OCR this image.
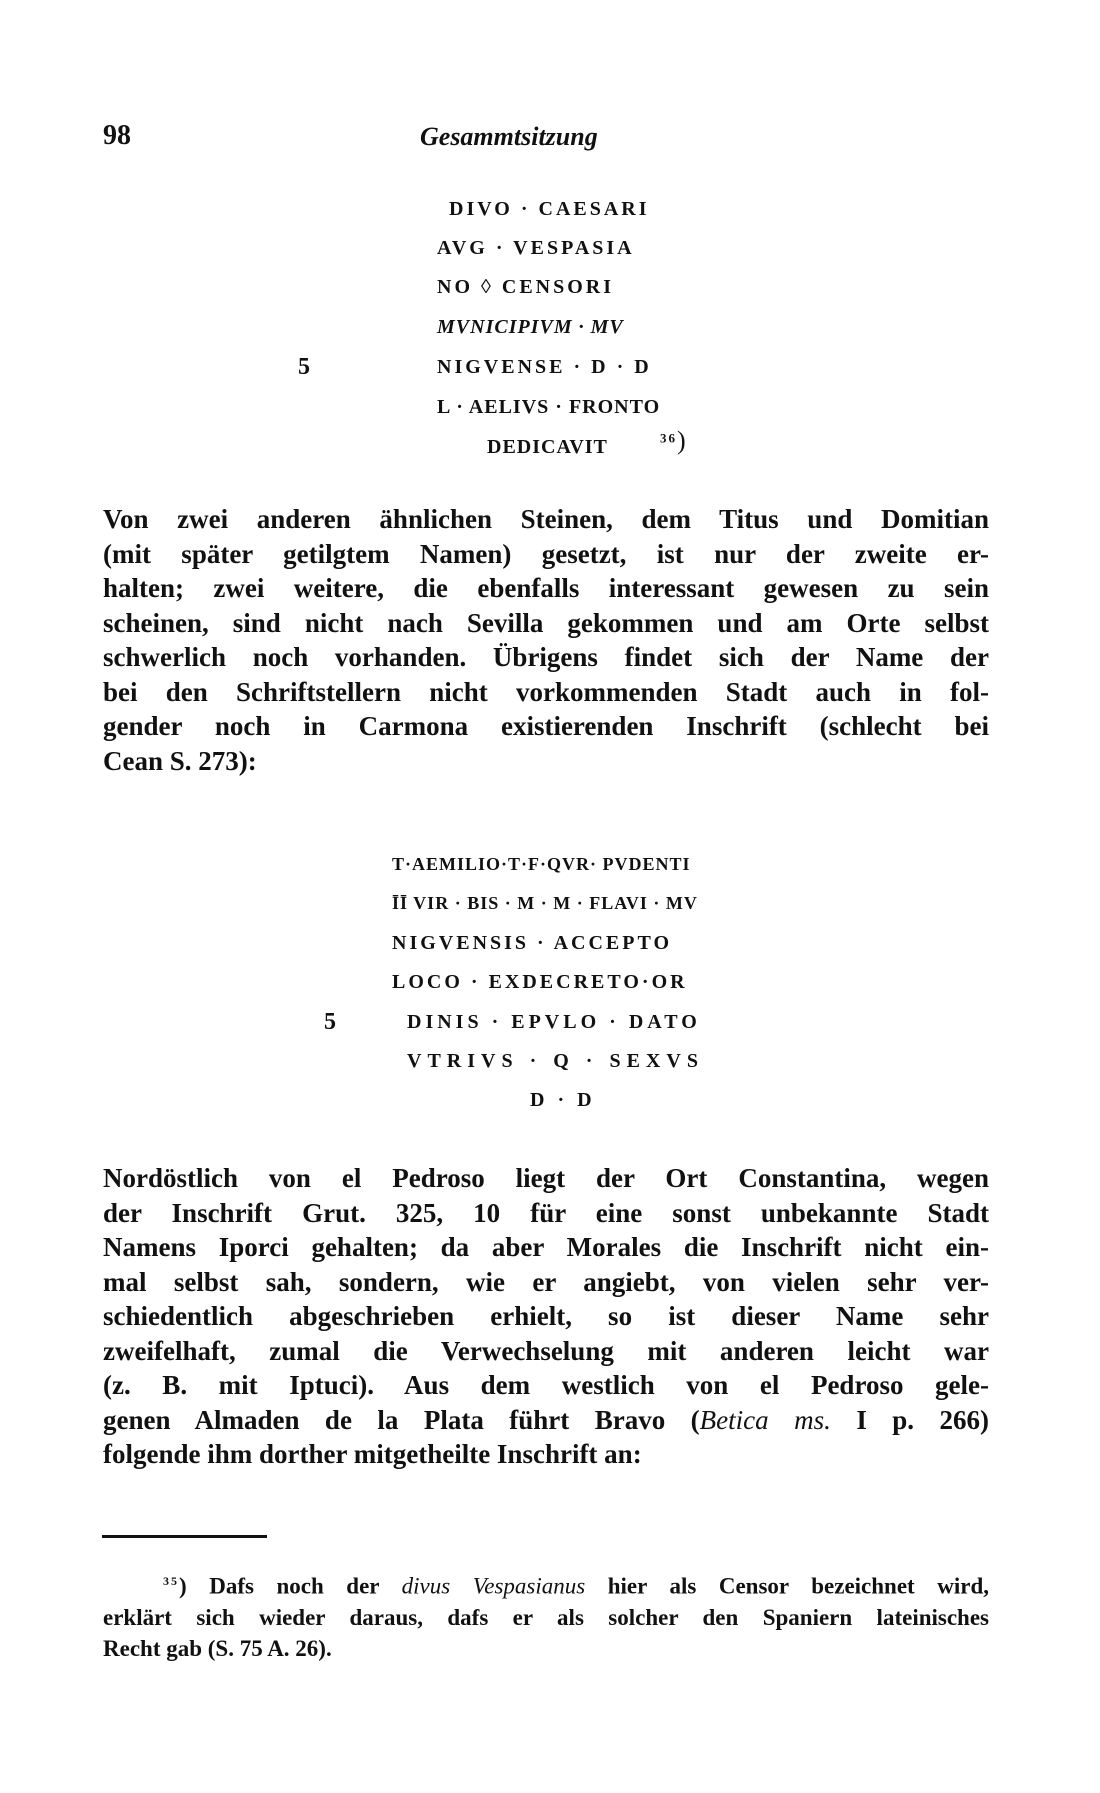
98	Gesammtsitzung
DIVO · CAESARI
AVG · VESPASIA
NO ◊ CENSORI
MVNICIPIVM · MV
5	NIGVENSE · D · D
L · AELIVS · FRONTO
DEDICAVIT	$^{36}$)
Von zwei anderen ähnlichen Steinen, dem Titus und Domitian
(mit später getilgtem Namen) gesetzt, ist nur der zweite er-
halten; zwei weitere, die ebenfalls interessant gewesen zu sein
scheinen, sind nicht nach Sevilla gekommen und am Orte selbst
schwerlich noch vorhanden. Übrigens findet sich der Name der
bei den Schriftstellern nicht vorkommenden Stadt auch in fol-
gender noch in Carmona existierenden Inschrift (schlecht bei
Cean S. 273):
T·AEMILIO·T·F·QVR· PVDENTI
ĪĪ VIR · BIS · M · M · FLAVI · MV
NIGVENSIS · ACCEPTO
LOCO · EXDECRETO·OR
5	DINIS · EPVLO · DATO
VTRIVS · Q · SEXVS
D · D
Nordöstlich von el Pedroso liegt der Ort Constantina, wegen
der Inschrift Grut. 325, 10 für eine sonst unbekannte Stadt
Namens Iporci gehalten; da aber Morales die Inschrift nicht ein-
mal selbst sah, sondern, wie er angiebt, von vielen sehr ver-
schiedentlich abgeschrieben erhielt, so ist dieser Name sehr
zweifelhaft, zumal die Verwechselung mit anderen leicht war
(z. B. mit Iptuci). Aus dem westlich von el Pedroso gele-
genen Almaden de la Plata führt Bravo (Betica ms. I p. 266)
folgende ihm dorther mitgetheilte Inschrift an:
$^{35}$) Dafs noch der divus Vespasianus hier als Censor bezeichnet wird,
erklärt sich wieder daraus, dafs er als solcher den Spaniern lateinisches
Recht gab (S. 75 A. 26).
